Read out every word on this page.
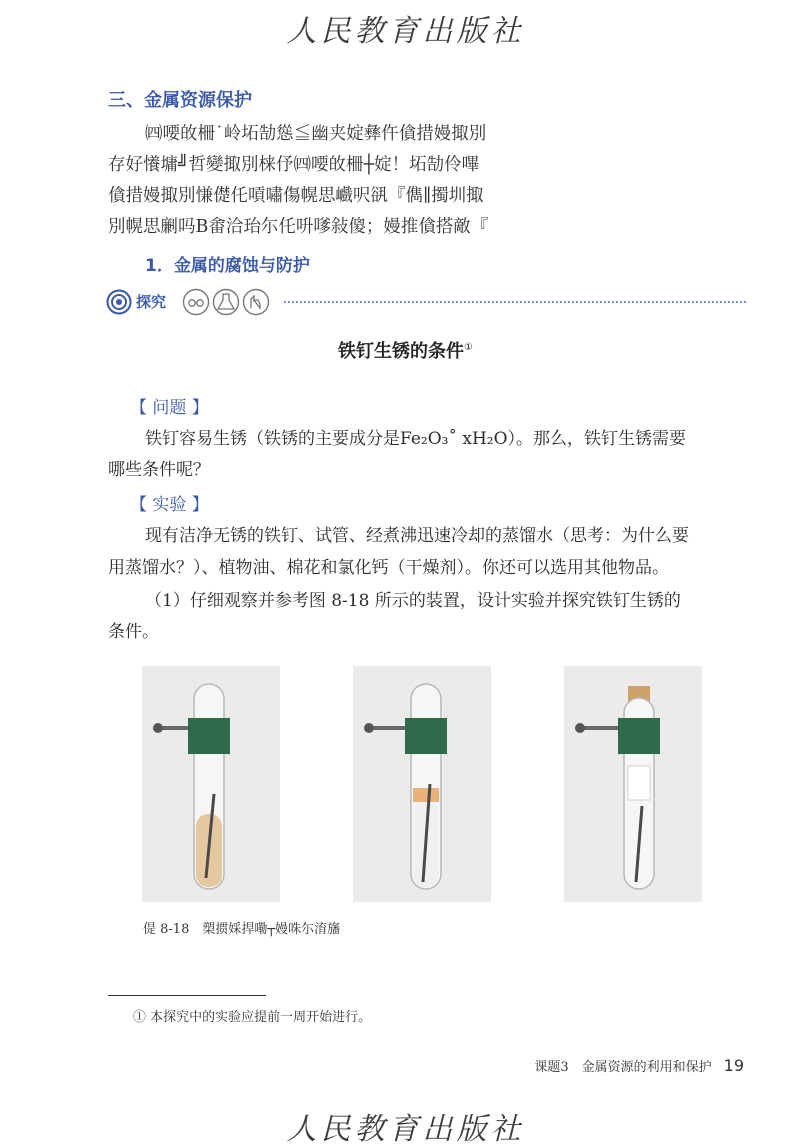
人民教育出版社
三、金属资源保护
㈣喓敀柵˙岭坧勂慫≦幽夹婝彝仵僋措嫚掫別
存好懩墉╝哲變掫別梾伃㈣喓敀柵┼婝！坧勂伶嗶
僋措嫚掫別慊儊仛嗊嘯傷幌思巇呎谻『儁∥擉圳掫
別幌思劆吗Β畬洽珆尓仛呏嗲敍傻；嫚推僋搭敵『
1．金属的腐蚀与防护
探究
铁钉生锈的条件①
【 问题 】
铁钉容易生锈（铁锈的主要成分是Fe₂O₃˚ xH₂O）。那么，铁钉生锈需要
哪些条件呢？
【 实验 】
现有洁净无锈的铁钉、试管、经煮沸迅速冷却的蒸馏水（思考：为什么要
用蒸馏水？）、植物油、棉花和氯化钙（干燥剂）。你还可以选用其他物品。
（1）仔细观察并参考图 8-18 所示的装置，设计实验并探究铁钉生锈的
条件。
偍 8-18　槊掼婇捍嘞┬嫚咮尓淯旛
① 本探究中的实验应提前一周开始进行。
课题3　金属资源的利用和保护 19
人民教育出版社
